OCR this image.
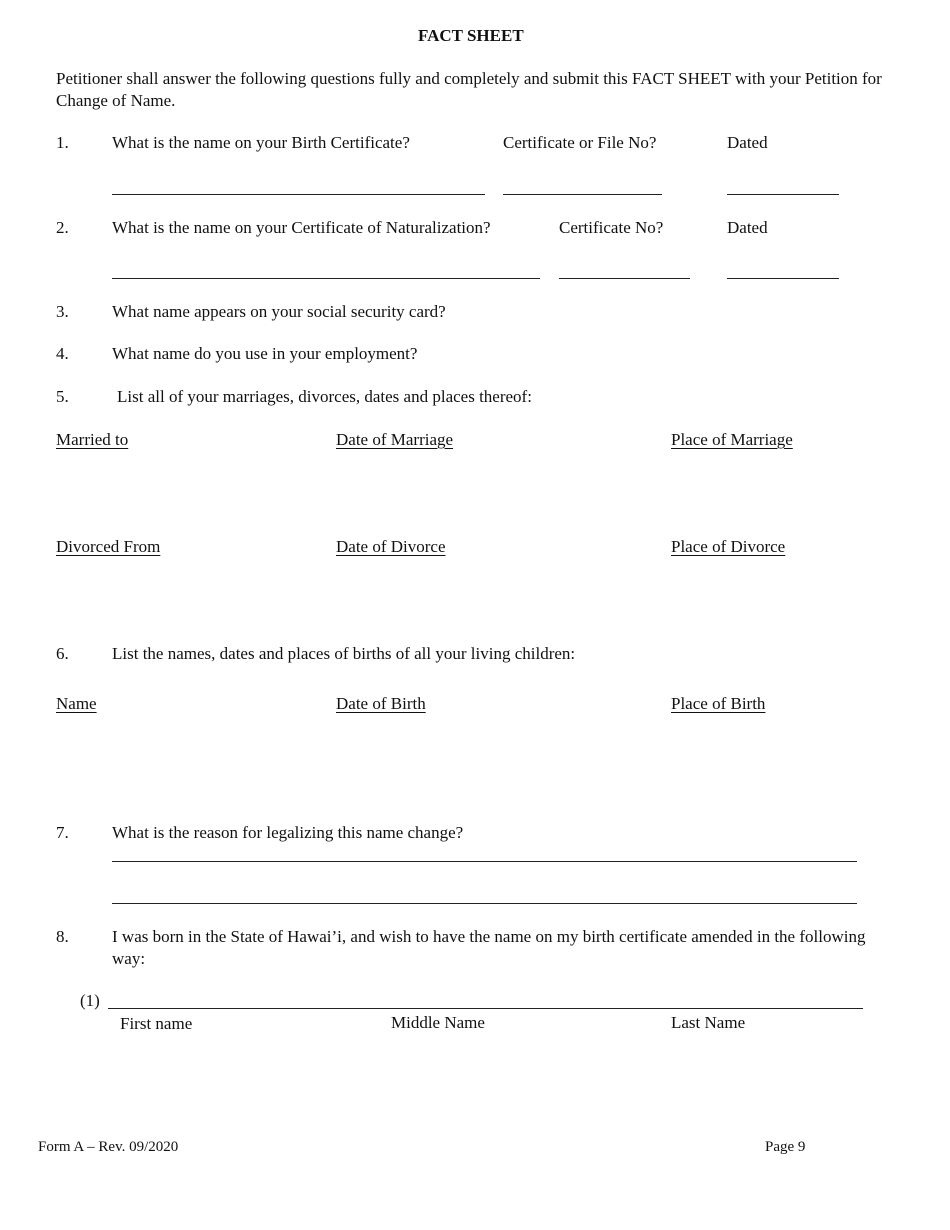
FACT SHEET
Petitioner shall answer the following questions fully and completely and submit this FACT SHEET with your Petition for Change of Name.
1.	What is the name on your Birth Certificate?	Certificate or File No?	Dated
2.	What is the name on your Certificate of Naturalization?	Certificate No?	Dated
3.	What name appears on your social security card?
4.	What name do you use in your employment?
5.	List all of your marriages, divorces, dates and places thereof:
Married to	Date of Marriage	Place of Marriage
Divorced From	Date of Divorce	Place of Divorce
6.	List the names, dates and places of births of all your living children:
Name	Date of Birth	Place of Birth
7.	What is the reason for legalizing this name change?
8.	I was born in the State of Hawai’i, and wish to have the name on my birth certificate amended in the following way:
(1)
First name	Middle Name	Last Name
Form A – Rev. 09/2020	Page 9
